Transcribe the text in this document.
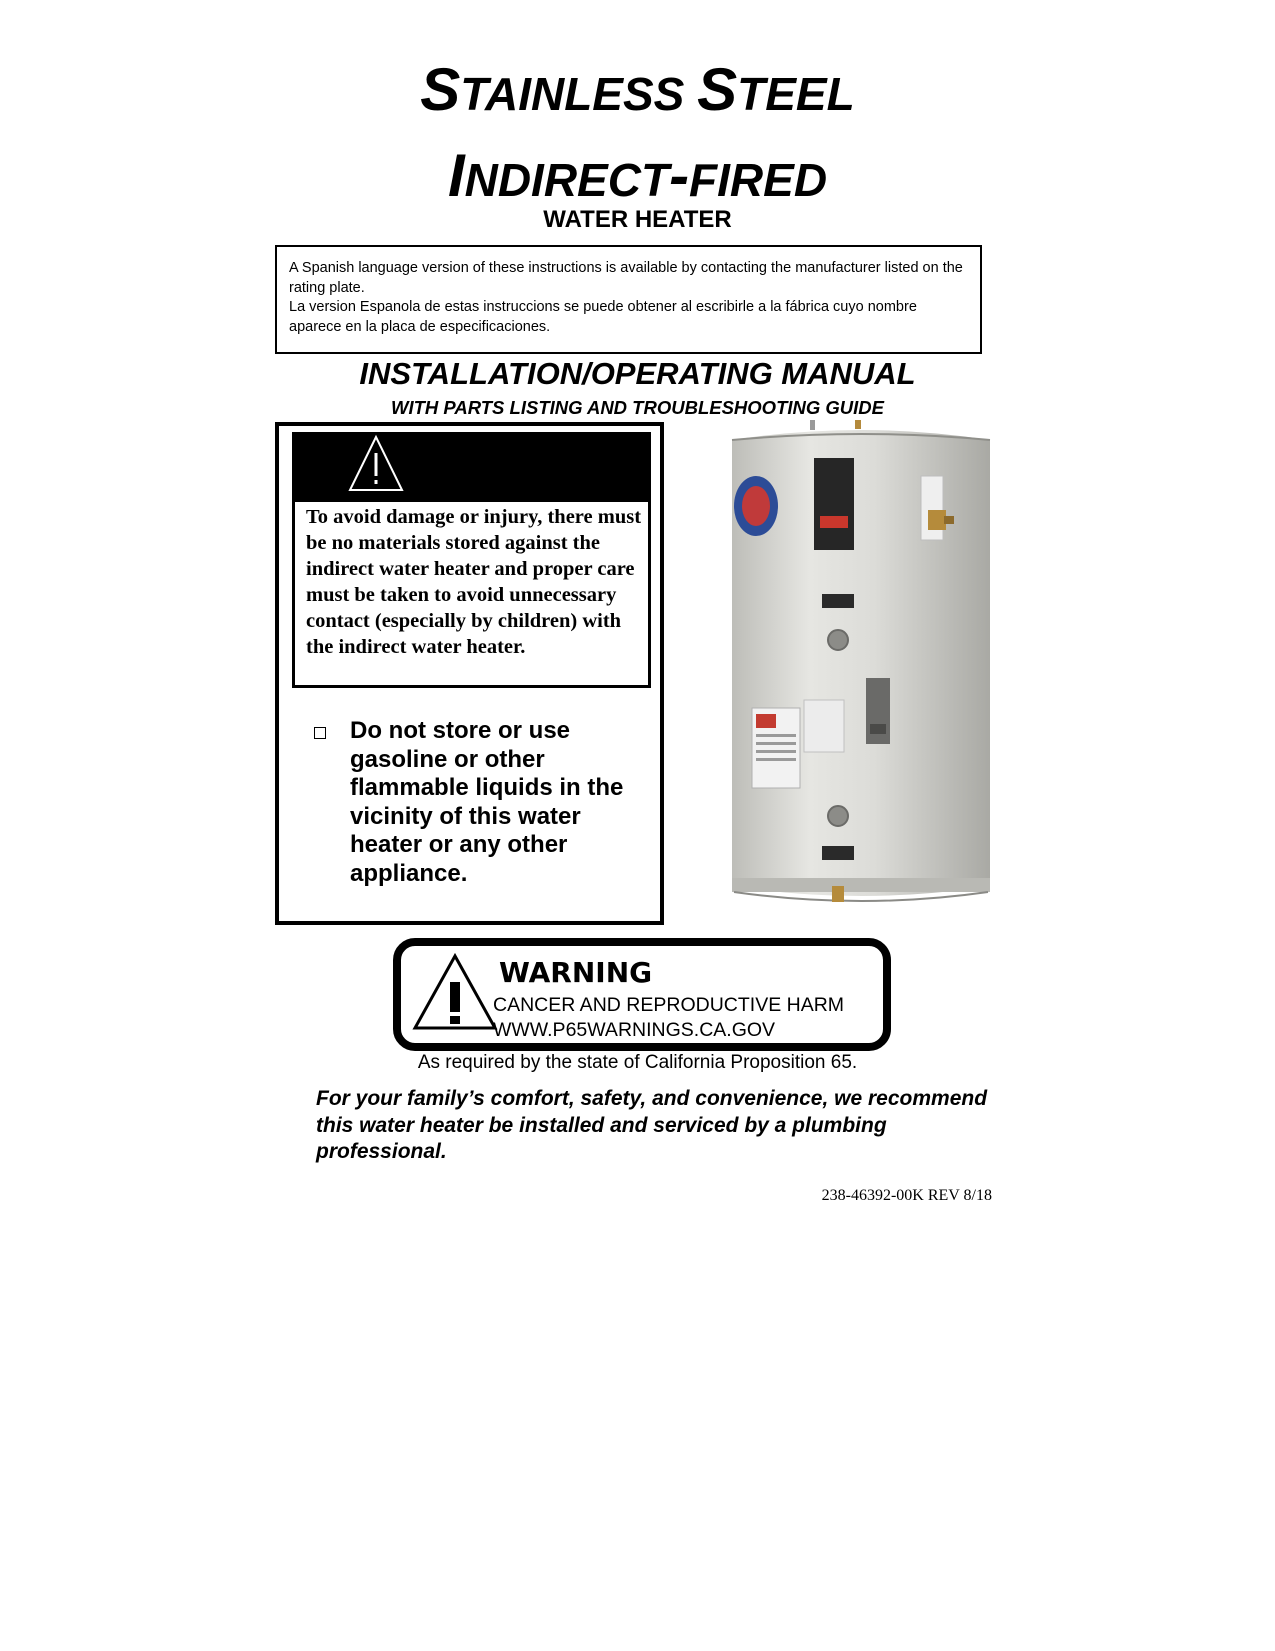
STAINLESS STEEL
INDIRECT-FIRED
WATER HEATER

A Spanish language version of these instructions is available by contacting the manufacturer listed on the rating plate.

La version Espanola de estas instruccions se puede obtener al escribirle a la fábrica cuyo nombre aparece en la placa de especificaciones.

INSTALLATION/OPERATING MANUAL
WITH PARTS LISTING AND TROUBLESHOOTING GUIDE
To avoid damage or injury, there must be no materials stored against the indirect water heater and proper care must be taken to avoid unnecessary contact (especially by children) with the indirect water heater.
Do not store or use gasoline or other flammable liquids in the vicinity of this water heater or any other appliance.
WARNING
CANCER AND REPRODUCTIVE HARM
WWW.P65WARNINGS.CA.GOV
As required by the state of California Proposition 65.
For your family’s comfort, safety, and convenience, we recommend this water heater be installed and serviced by a plumbing professional.
238-46392-00K REV 8/18
